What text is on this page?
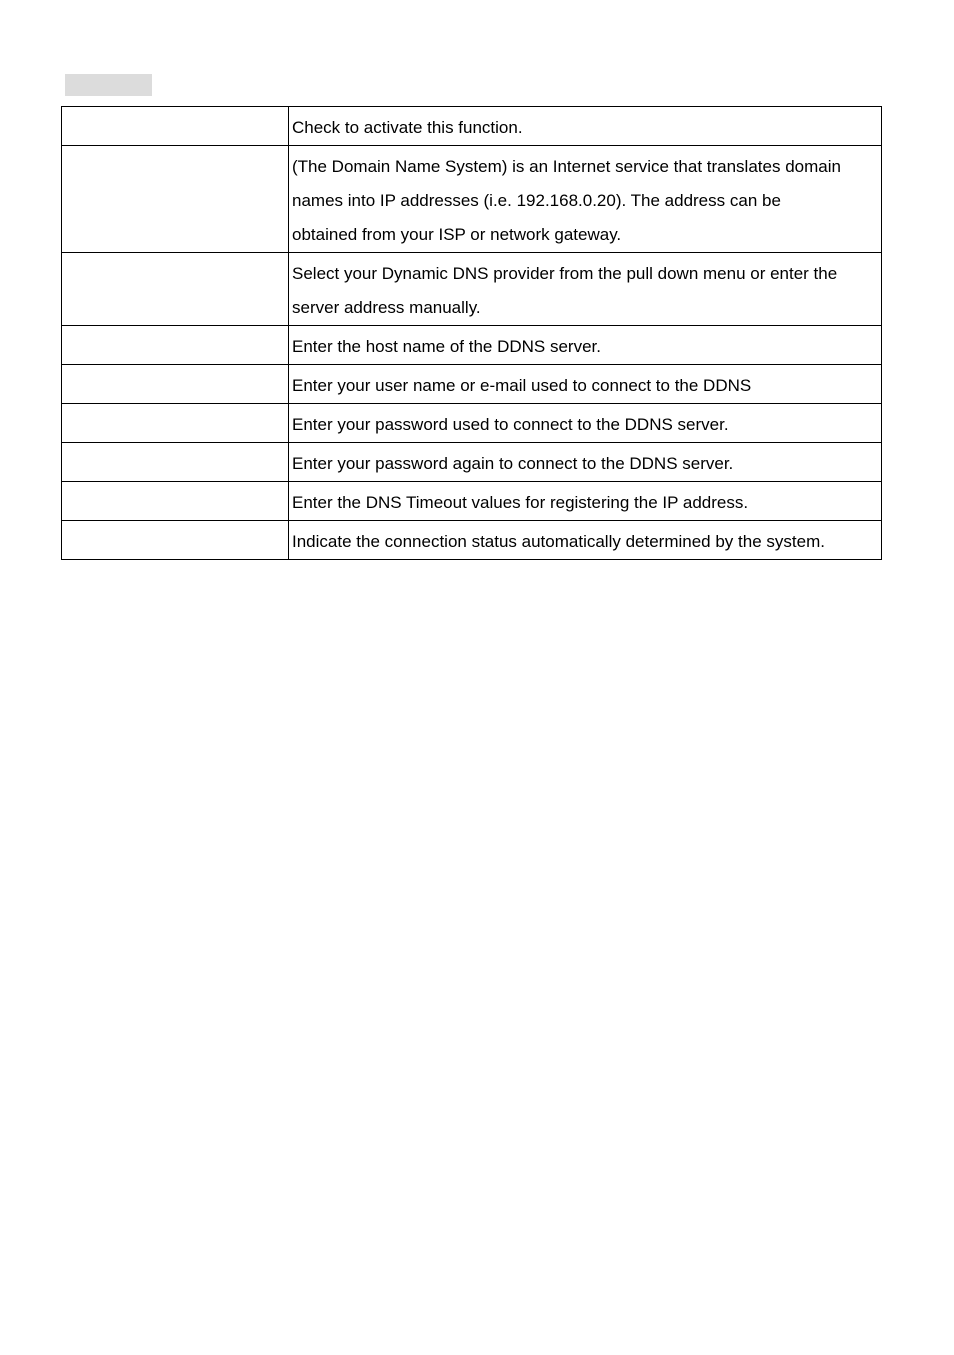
	Check to activate this function.

	(The Domain Name System) is an Internet service that translates domain
names into IP addresses (i.e. 192.168.0.20). The address can be
obtained from your ISP or network gateway.

	Select your Dynamic DNS provider from the pull down menu or enter the
server address manually.

	Enter the host name of the DDNS server.

	Enter your user name or e-mail used to connect to the DDNS

	Enter your password used to connect to the DDNS server.

	Enter your password again to connect to the DDNS server.

	Enter the DNS Timeout values for registering the IP address.

	Indicate the connection status automatically determined by the system.
